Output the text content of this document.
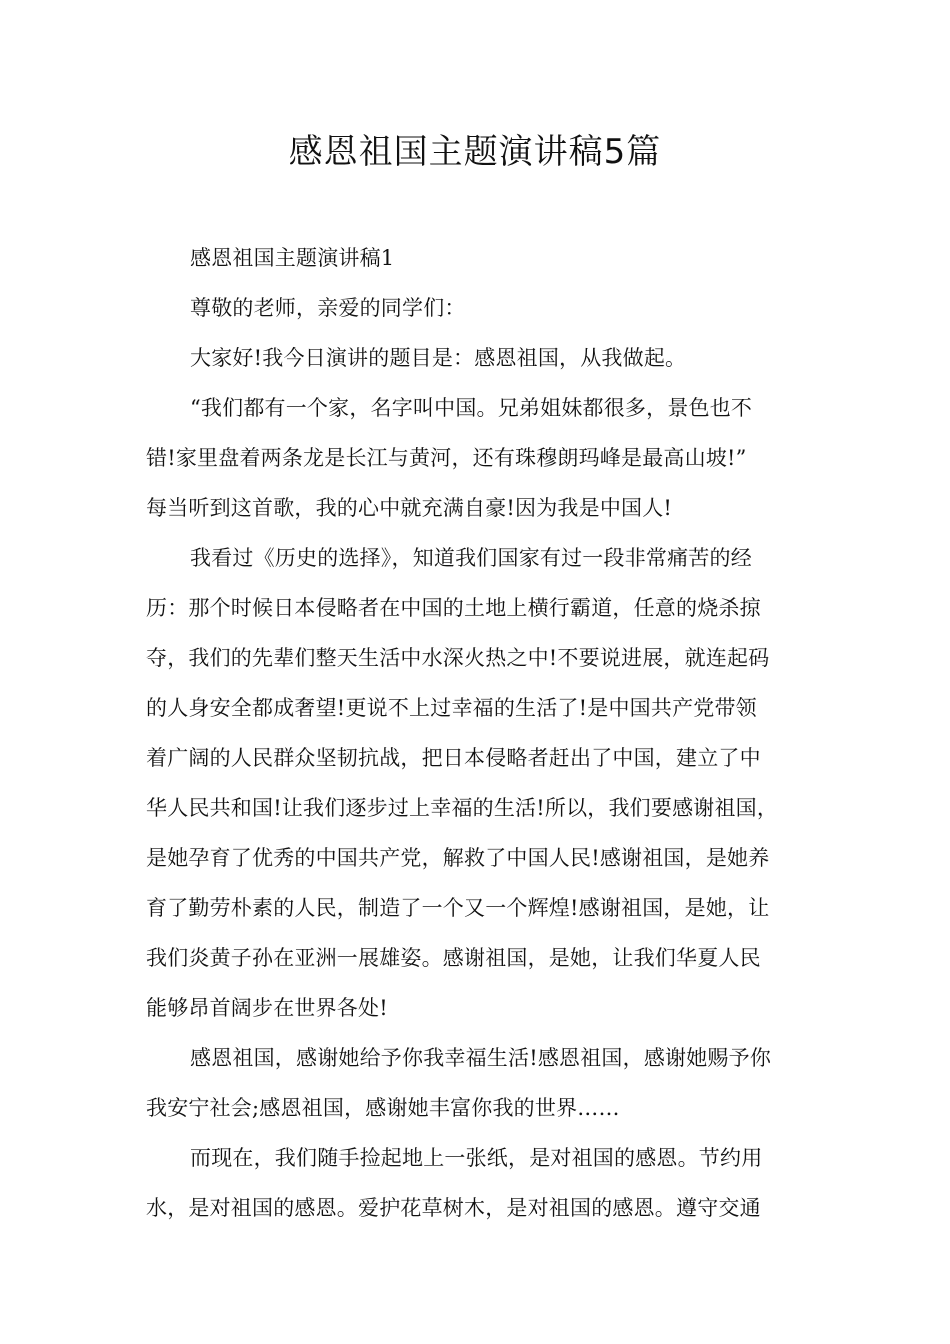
感恩祖国主题演讲稿5篇
感恩祖国主题演讲稿1
尊敬的老师，亲爱的同学们：
大家好!我今日演讲的题目是：感恩祖国，从我做起。
“我们都有一个家，名字叫中国。兄弟姐妹都很多，景色也不
错!家里盘着两条龙是长江与黄河，还有珠穆朗玛峰是最高山坡!”
每当听到这首歌，我的心中就充满自豪!因为我是中国人!
我看过《历史的选择》，知道我们国家有过一段非常痛苦的经
历：那个时候日本侵略者在中国的土地上横行霸道，任意的烧杀掠
夺，我们的先辈们整天生活中水深火热之中!不要说进展，就连起码
的人身安全都成奢望!更说不上过幸福的生活了!是中国共产党带领
着广阔的人民群众坚韧抗战，把日本侵略者赶出了中国，建立了中
华人民共和国!让我们逐步过上幸福的生活!所以，我们要感谢祖国，
是她孕育了优秀的中国共产党，解救了中国人民!感谢祖国，是她养
育了勤劳朴素的人民，制造了一个又一个辉煌!感谢祖国，是她，让
我们炎黄子孙在亚洲一展雄姿。感谢祖国，是她，让我们华夏人民
能够昂首阔步在世界各处!
感恩祖国，感谢她给予你我幸福生活!感恩祖国，感谢她赐予你
我安宁社会;感恩祖国，感谢她丰富你我的世界……
而现在，我们随手捡起地上一张纸，是对祖国的感恩。节约用
水，是对祖国的感恩。爱护花草树木，是对祖国的感恩。遵守交通
